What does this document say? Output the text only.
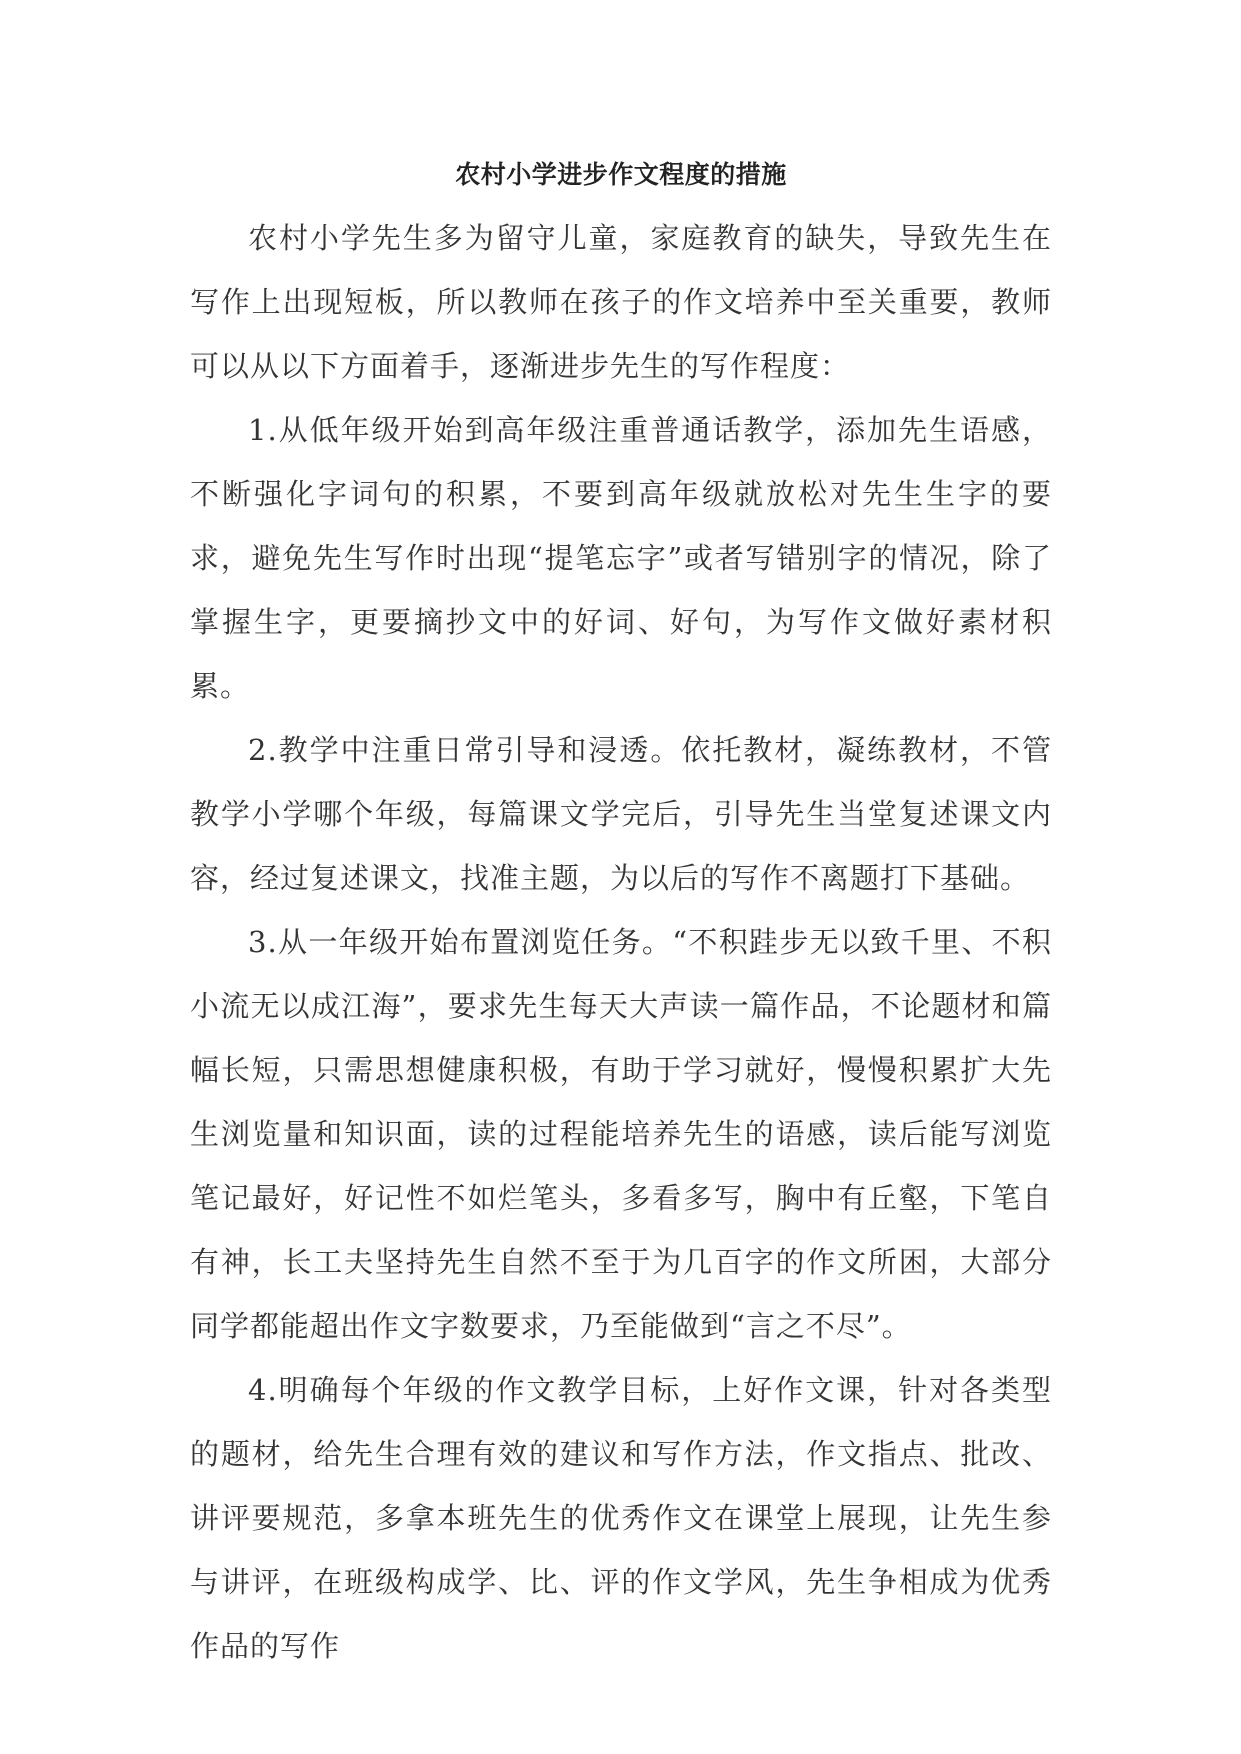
农村小学进步作文程度的措施

农村小学先生多为留守儿童，家庭教育的缺失，导致先生在写作上出现短板，所以教师在孩子的作文培养中至关重要，教师可以从以下方面着手，逐渐进步先生的写作程度：

1.从低年级开始到高年级注重普通话教学，添加先生语感，不断强化字词句的积累，不要到高年级就放松对先生生字的要求，避免先生写作时出现“提笔忘字”或者写错别字的情况，除了掌握生字，更要摘抄文中的好词、好句，为写作文做好素材积累。

2.教学中注重日常引导和浸透。依托教材，凝练教材，不管教学小学哪个年级，每篇课文学完后，引导先生当堂复述课文内容，经过复述课文，找准主题，为以后的写作不离题打下基础。

3.从一年级开始布置浏览任务。“不积跬步无以致千里、不积小流无以成江海”，要求先生每天大声读一篇作品，不论题材和篇幅长短，只需思想健康积极，有助于学习就好，慢慢积累扩大先生浏览量和知识面，读的过程能培养先生的语感，读后能写浏览笔记最好，好记性不如烂笔头，多看多写，胸中有丘壑，下笔自有神，长工夫坚持先生自然不至于为几百字的作文所困，大部分同学都能超出作文字数要求，乃至能做到“言之不尽”。

4.明确每个年级的作文教学目标，上好作文课，针对各类型的题材，给先生合理有效的建议和写作方法，作文指点、批改、讲评要规范，多拿本班先生的优秀作文在课堂上展现，让先生参与讲评，在班级构成学、比、评的作文学风，先生争相成为优秀作品的写作
